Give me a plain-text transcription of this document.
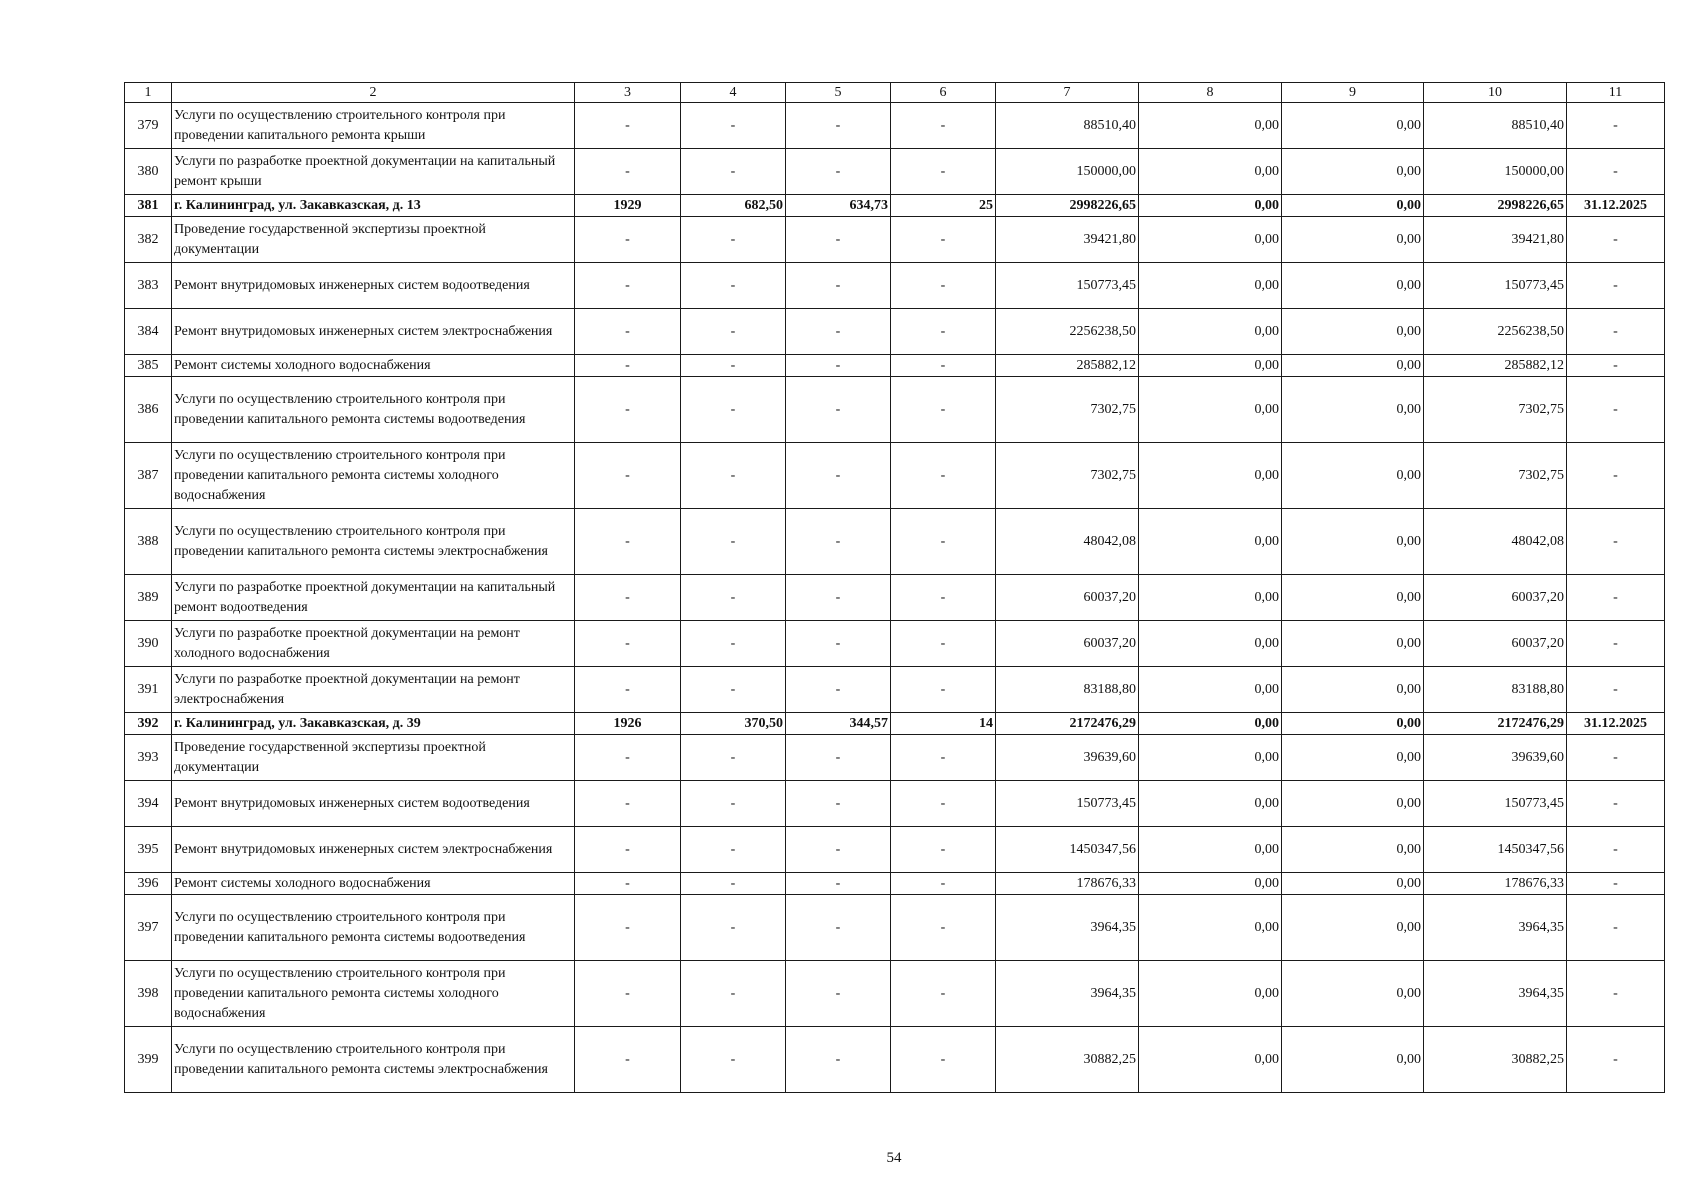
1	2	3	4	5	6	7	8	9	10	11
379	Услуги по осуществлению строительного контроля при проведении капитального ремонта крыши	-	-	-	-	88510,40	0,00	0,00	88510,40	-
380	Услуги по разработке проектной документации на капитальный ремонт крыши	-	-	-	-	150000,00	0,00	0,00	150000,00	-
381	г. Калининград, ул. Закавказская, д. 13	1929	682,50	634,73	25	2998226,65	0,00	0,00	2998226,65	31.12.2025
382	Проведение государственной экспертизы проектной документации	-	-	-	-	39421,80	0,00	0,00	39421,80	-
383	Ремонт внутридомовых инженерных систем водоотведения	-	-	-	-	150773,45	0,00	0,00	150773,45	-
384	Ремонт внутридомовых инженерных систем электроснабжения	-	-	-	-	2256238,50	0,00	0,00	2256238,50	-
385	Ремонт системы холодного водоснабжения	-	-	-	-	285882,12	0,00	0,00	285882,12	-
386	Услуги по осуществлению строительного контроля при проведении капитального ремонта системы водоотведения	-	-	-	-	7302,75	0,00	0,00	7302,75	-
387	Услуги по осуществлению строительного контроля при проведении капитального ремонта системы холодного водоснабжения	-	-	-	-	7302,75	0,00	0,00	7302,75	-
388	Услуги по осуществлению строительного контроля при проведении капитального ремонта системы электроснабжения	-	-	-	-	48042,08	0,00	0,00	48042,08	-
389	Услуги по разработке проектной документации на капитальный ремонт водоотведения	-	-	-	-	60037,20	0,00	0,00	60037,20	-
390	Услуги по разработке проектной документации на ремонт холодного водоснабжения	-	-	-	-	60037,20	0,00	0,00	60037,20	-
391	Услуги по разработке проектной документации на ремонт электроснабжения	-	-	-	-	83188,80	0,00	0,00	83188,80	-
392	г. Калининград, ул. Закавказская, д. 39	1926	370,50	344,57	14	2172476,29	0,00	0,00	2172476,29	31.12.2025
393	Проведение государственной экспертизы проектной документации	-	-	-	-	39639,60	0,00	0,00	39639,60	-
394	Ремонт внутридомовых инженерных систем водоотведения	-	-	-	-	150773,45	0,00	0,00	150773,45	-
395	Ремонт внутридомовых инженерных систем электроснабжения	-	-	-	-	1450347,56	0,00	0,00	1450347,56	-
396	Ремонт системы холодного водоснабжения	-	-	-	-	178676,33	0,00	0,00	178676,33	-
397	Услуги по осуществлению строительного контроля при проведении капитального ремонта системы водоотведения	-	-	-	-	3964,35	0,00	0,00	3964,35	-
398	Услуги по осуществлению строительного контроля при проведении капитального ремонта системы холодного водоснабжения	-	-	-	-	3964,35	0,00	0,00	3964,35	-
399	Услуги по осуществлению строительного контроля при проведении капитального ремонта системы электроснабжения	-	-	-	-	30882,25	0,00	0,00	30882,25	-
54
